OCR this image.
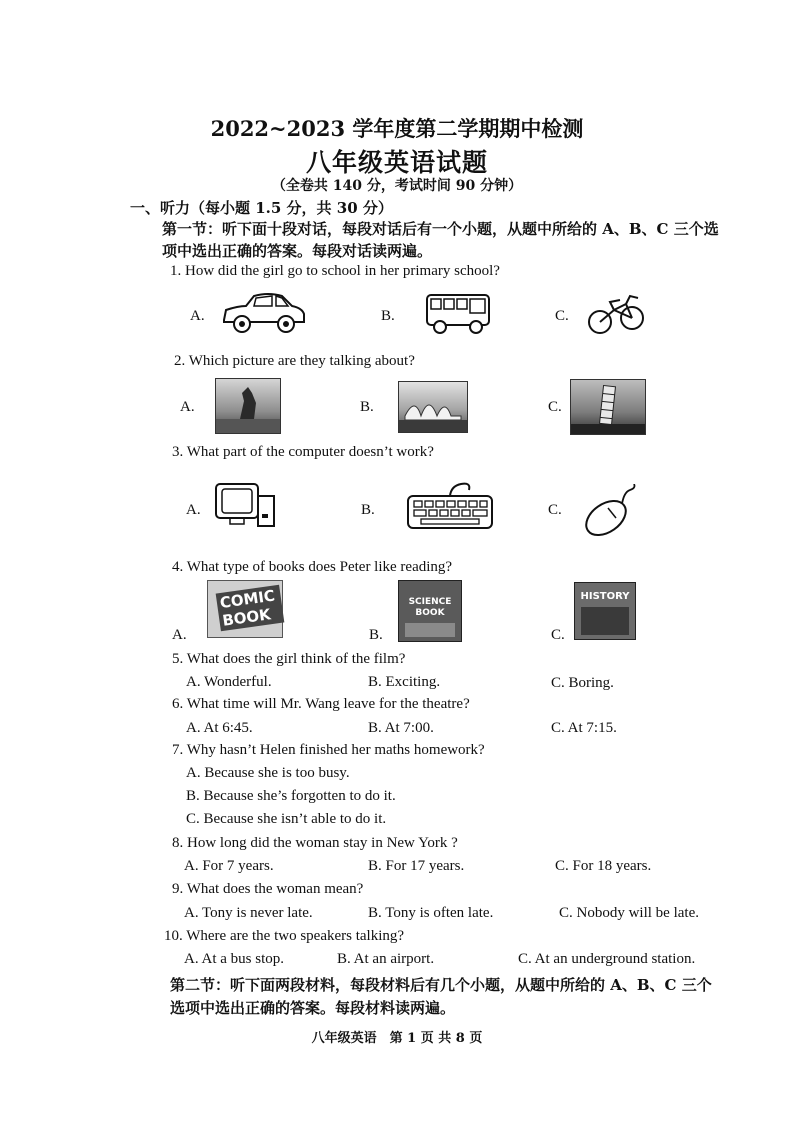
2022~2023 学年度第二学期期中检测
八年级英语试题
（全卷共 140 分，考试时间 90 分钟）
一、听力（每小题 1.5 分，共 30 分）
第一节：听下面十段对话，每段对话后有一个小题，从题中所给的 A、B、C 三个选
项中选出正确的答案。每段对话读两遍。
1. How did the girl go to school in her primary school?
A.	B.	C.
2. Which picture are they talking about?
A.	B.	C.
3. What part of the computer doesn’t work?
A.	B.	C.
4. What type of books does Peter like reading?
A.
COMIC BOOK
B.
SCIENCE BOOK
C.
HISTORY
5. What does the girl think of the film?
A. Wonderful.	B. Exciting.	C. Boring.
6. What time will Mr. Wang leave for the theatre?
A. At 6:45.	B. At 7:00.	C. At 7:15.
7. Why hasn’t Helen finished her maths homework?
A. Because she is too busy.
B. Because she’s forgotten to do it.
C. Because she isn’t able to do it.
8. How long did the woman stay in New York ?
A. For 7 years.	B. For 17 years.	C. For 18 years.
9. What does the woman mean?
A. Tony is never late.	B. Tony is often late.	C. Nobody will be late.
10. Where are the two speakers talking?
A. At a bus stop.	B. At an airport.	C. At an underground station.
第二节：听下面两段材料，每段材料后有几个小题，从题中所给的 A、B、C 三个
选项中选出正确的答案。每段材料读两遍。
八年级英语　第 1 页 共 8 页
